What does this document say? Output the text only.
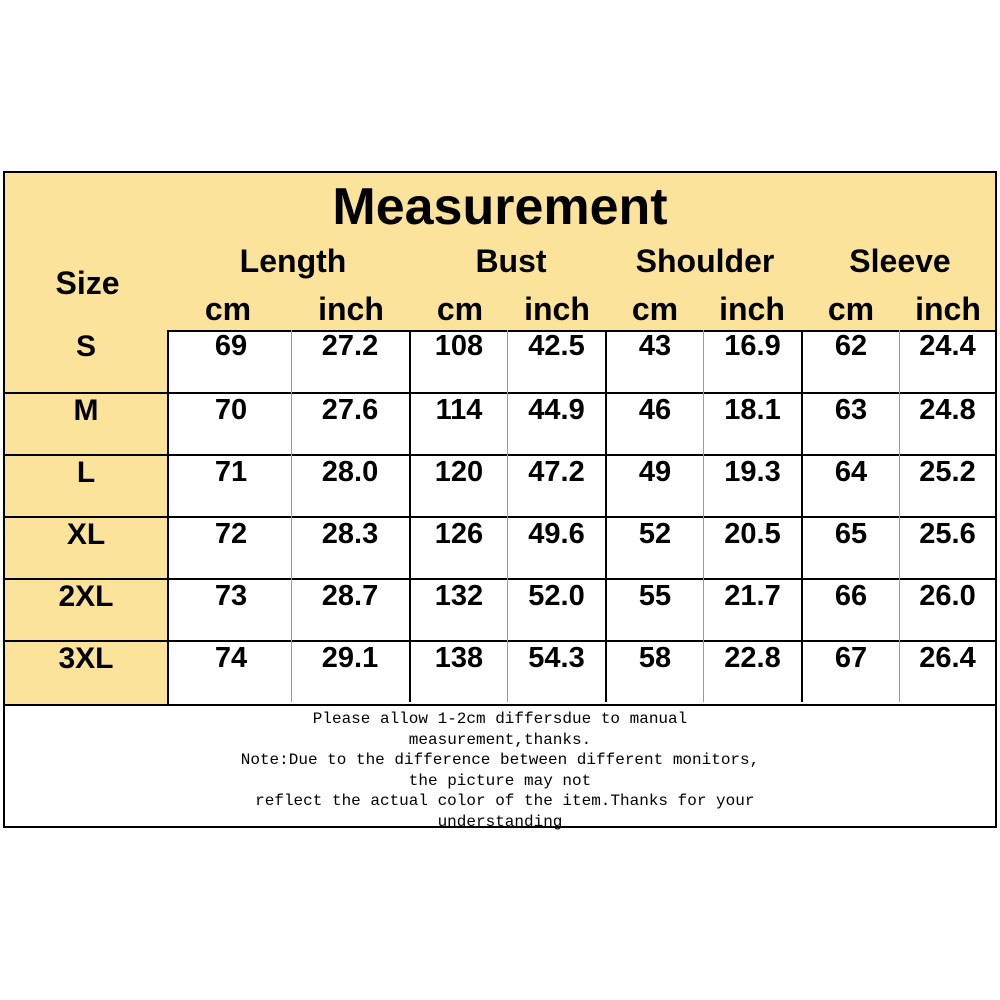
Measurement
Size
Length	Bust	Shoulder	Sleeve
cm	inch	cm	inch	cm	inch	cm	inch
S	69	27.2	108	42.5	43	16.9	62	24.4
M	70	27.6	114	44.9	46	18.1	63	24.8
L	71	28.0	120	47.2	49	19.3	64	25.2
XL	72	28.3	126	49.6	52	20.5	65	25.6
2XL	73	28.7	132	52.0	55	21.7	66	26.0
3XL	74	29.1	138	54.3	58	22.8	67	26.4
Please allow 1-2cm differsdue to manual
measurement,thanks.
Note:Due to the difference between different monitors,
the picture may not
reflect the actual color of the item.Thanks for your
understanding
